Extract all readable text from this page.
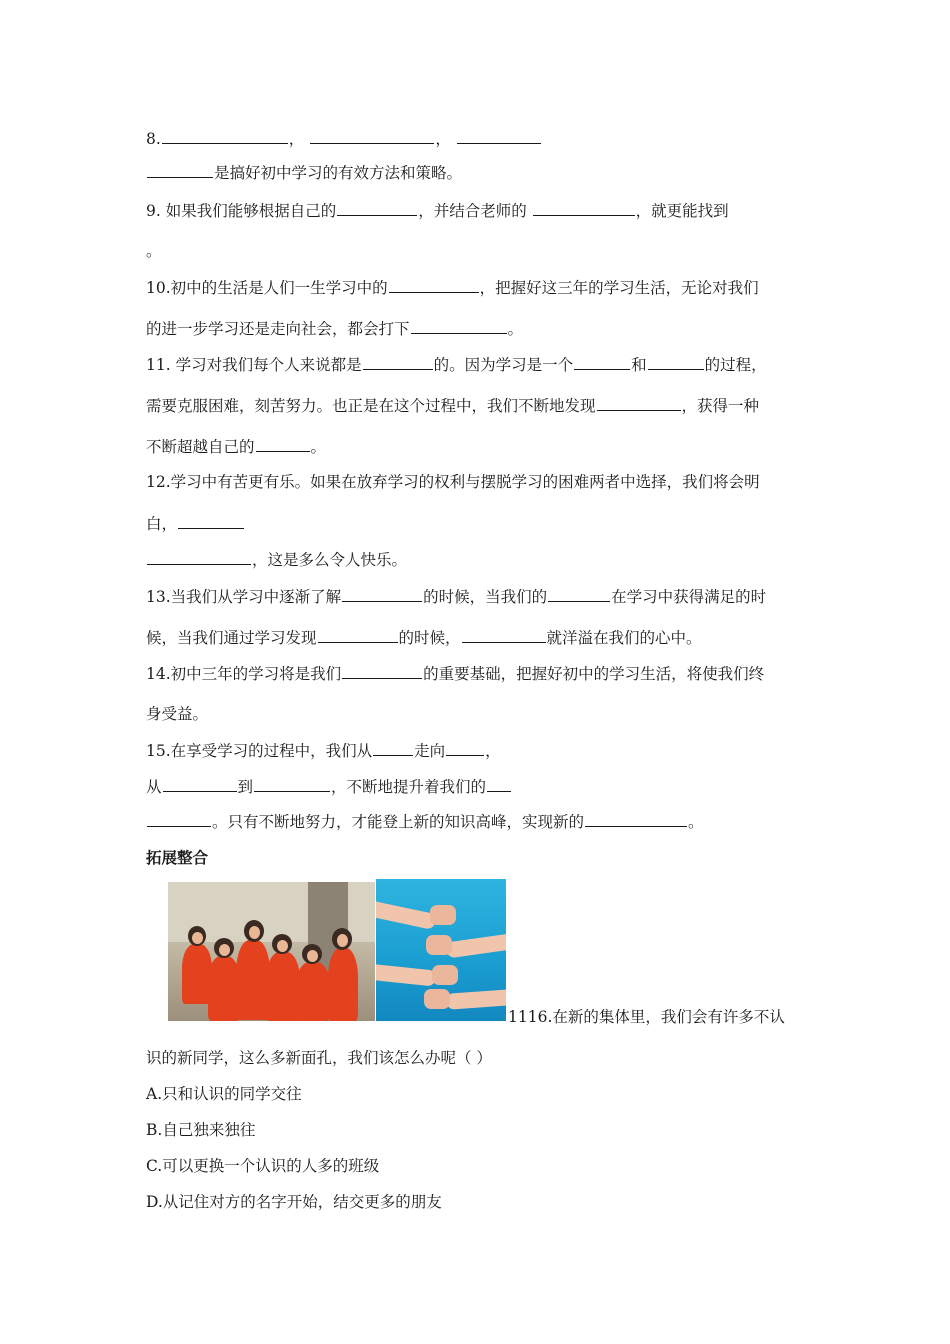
8.	，	，
是搞好初中学习的有效方法和策略。
9. 如果我们能够根据自己的	，并结合老师的	，就更能找到
。
10.初中的生活是人们一生学习中的	，把握好这三年的学习生活，无论对我们
的进一步学习还是走向社会，都会打下	。
11. 学习对我们每个人来说都是	的。因为学习是一个	和	的过程，
需要克服困难，刻苦努力。也正是在这个过程中，我们不断地发现	，获得一种
不断超越自己的	。
12.学习中有苦更有乐。如果在放弃学习的权利与摆脱学习的困难两者中选择，我们将会明
白，
，这是多么令人快乐。
13.当我们从学习中逐渐了解	的时候，当我们的	在学习中获得满足的时
候，当我们通过学习发现	的时候，	就洋溢在我们的心中。
14.初中三年的学习将是我们	的重要基础，把握好初中的学习生活，将使我们终
身受益。
15.在享受学习的过程中，我们从	走向	，
从	到	，不断地提升着我们的
。只有不断地努力，才能登上新的知识高峰，实现新的	。
拓展整合
1116.在新的集体里，我们会有许多不认
识的新同学，这么多新面孔，我们该怎么办呢（ ）
A.只和认识的同学交往
B.自己独来独往
C.可以更换一个认识的人多的班级
D.从记住对方的名字开始，结交更多的朋友
